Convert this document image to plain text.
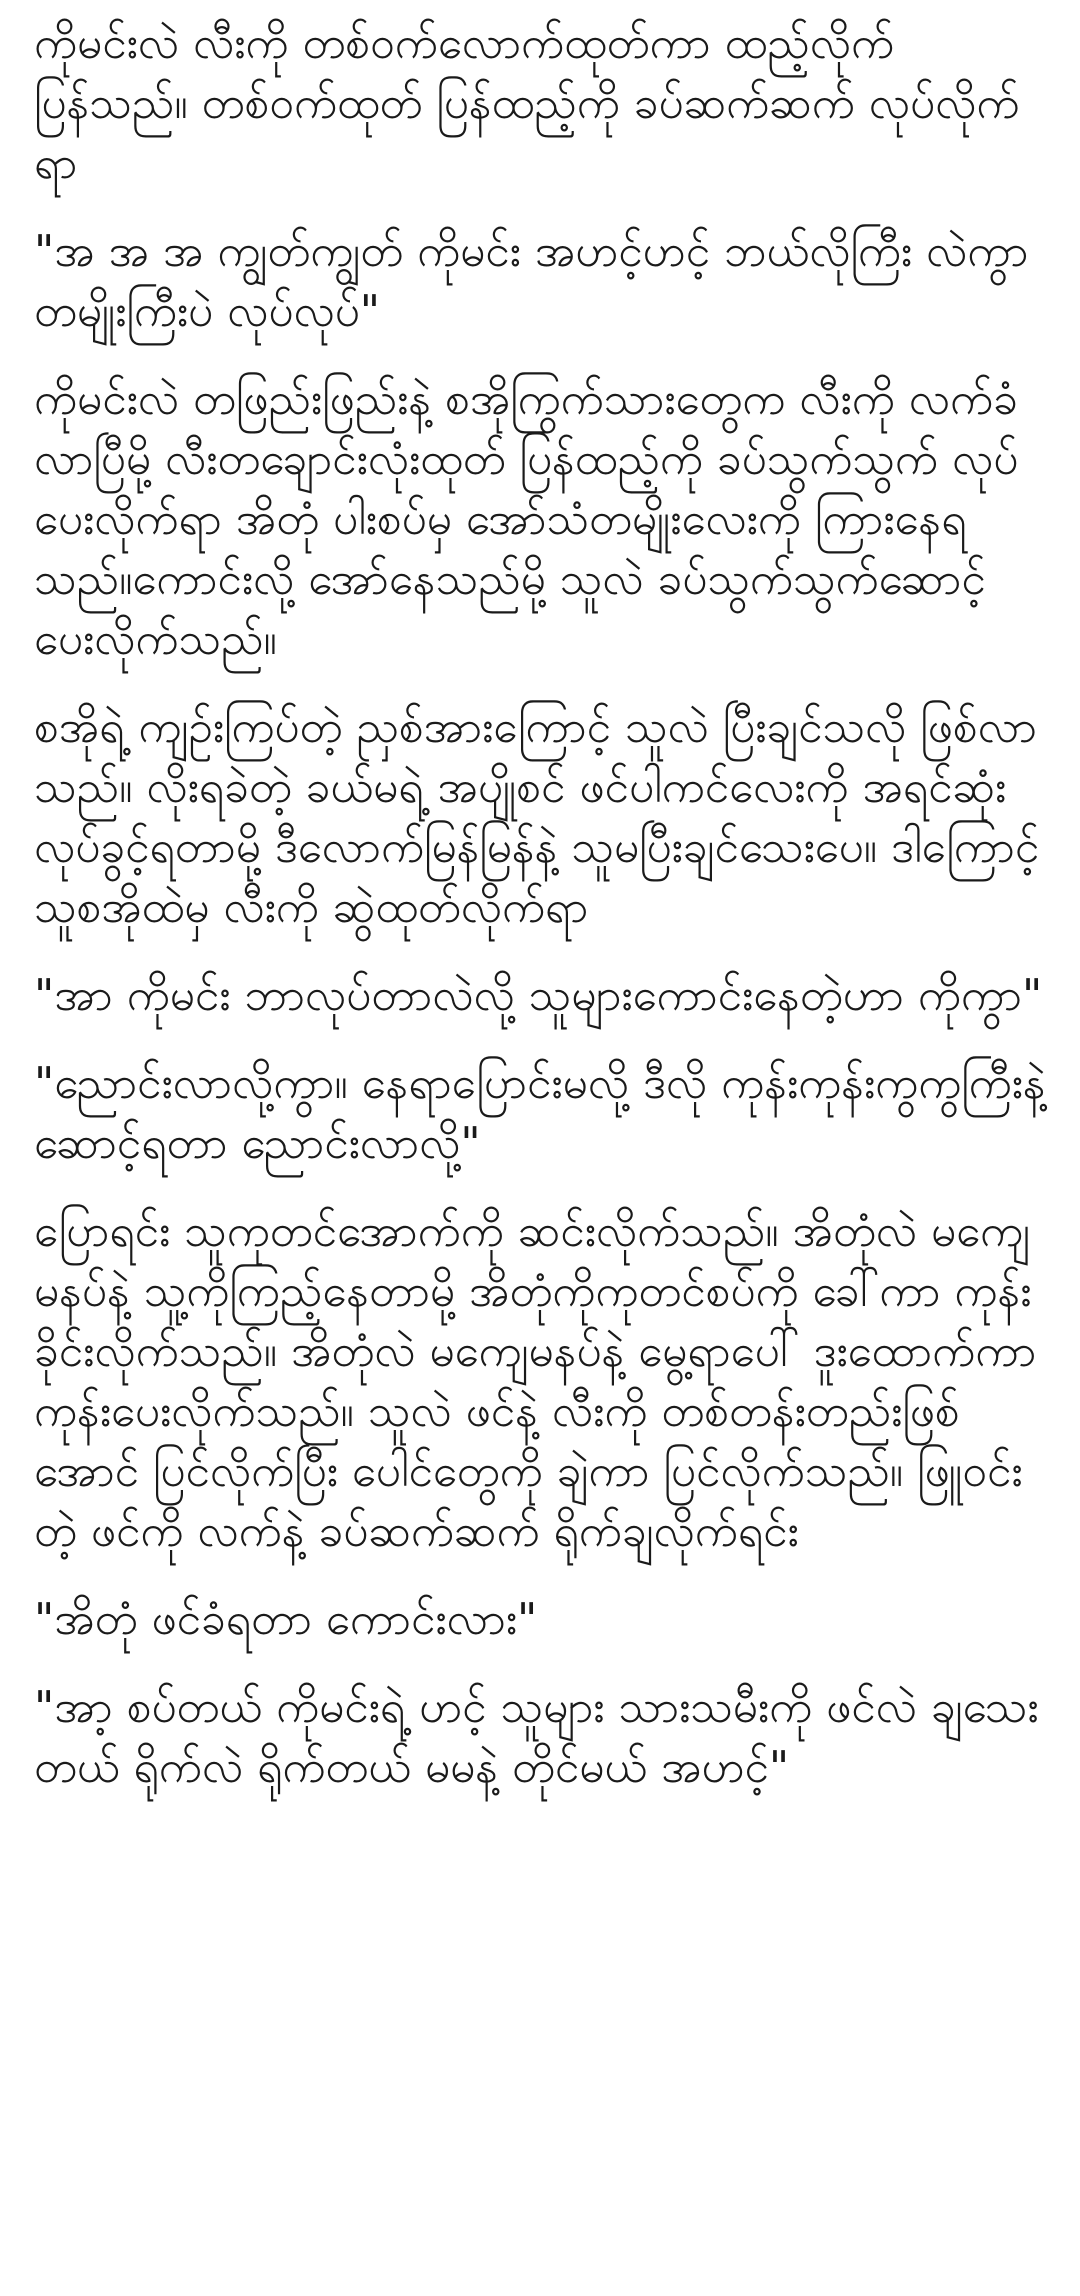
ကိုမင်းလဲ လီးကို တစ်ဝက်လောက်ထုတ်ကာ ထည့်လိုက်ပြန်သည်။ တစ်ဝက်ထုတ် ပြန်ထည့်ကို ခပ်ဆက်ဆက် လုပ်လိုက်ရာ

"အ အ အ ကျွတ်ကျွတ် ကိုမင်း အဟင့်ဟင့် ဘယ်လိုကြီး လဲကွာ တမျိုးကြီးပဲ လုပ်လုပ်"

ကိုမင်းလဲ တဖြည်းဖြည်းနဲ့ စအိုကြွက်သားတွေက လီးကို လက်ခံလာပြီမို့ လီးတချောင်းလုံးထုတ် ပြန်ထည့်ကို ခပ်သွက်သွက် လုပ်ပေးလိုက်ရာ အိတုံ ပါးစပ်မှ အော်သံတမျိုးလေးကို ကြားနေရသည်။ကောင်းလို့ အော်နေသည်မို့ သူလဲ ခပ်သွက်သွက်ဆောင့်ပေးလိုက်သည်။

စအိုရဲ့ ကျဉ်းကြပ်တဲ့ ညှစ်အားကြောင့် သူလဲ ပြီးချင်သလို ဖြစ်လာသည်။ လိုးရခဲတဲ့ ခယ်မရဲ့ အပျိုစင် ဖင်ပါကင်လေးကို အရင်ဆုံး လုပ်ခွင့်ရတာမို့ ဒီလောက်မြန်မြန်နဲ့ သူမပြီးချင်သေးပေ။ ဒါကြောင့် သူစအိုထဲမှ လီးကို ဆွဲထုတ်လိုက်ရာ

"အာ ကိုမင်း ဘာလုပ်တာလဲလို့ သူများကောင်းနေတဲ့ဟာ ကိုကွာ"

"ညောင်းလာလို့ကွာ။ နေရာပြောင်းမလို့ ဒီလို ကုန်းကုန်းကွကွကြီးနဲ့ ဆောင့်ရတာ ညောင်းလာလို့"

ပြောရင်း သူကုတင်အောက်ကို ဆင်းလိုက်သည်။ အိတုံလဲ မကျေမနပ်နဲ့ သူ့ကိုကြည့်နေတာမို့ အိတုံကိုကုတင်စပ်ကို ခေါ်ကာ ကုန်းခိုင်းလိုက်သည်။ အိတုံလဲ မကျေမနပ်နဲ့ မွေ့ရာပေါ် ဒူးထောက်ကာ ကုန်းပေးလိုက်သည်။ သူလဲ ဖင်နဲ့ လီးကို တစ်တန်းတည်းဖြစ်အောင် ပြင်လိုက်ပြီး ပေါင်တွေကို ချဲကာ ပြင်လိုက်သည်။ ဖြူဝင်းတဲ့ ဖင်ကို လက်နဲ့ ခပ်ဆက်ဆက် ရိုက်ချလိုက်ရင်း

"အိတုံ ဖင်ခံရတာ ကောင်းလား"

"အာ့ စပ်တယ် ကိုမင်းရဲ့ ဟင့် သူများ သားသမီးကို ဖင်လဲ ချသေးတယ် ရိုက်လဲ ရိုက်တယ် မမနဲ့ တိုင်မယ် အဟင့်"
